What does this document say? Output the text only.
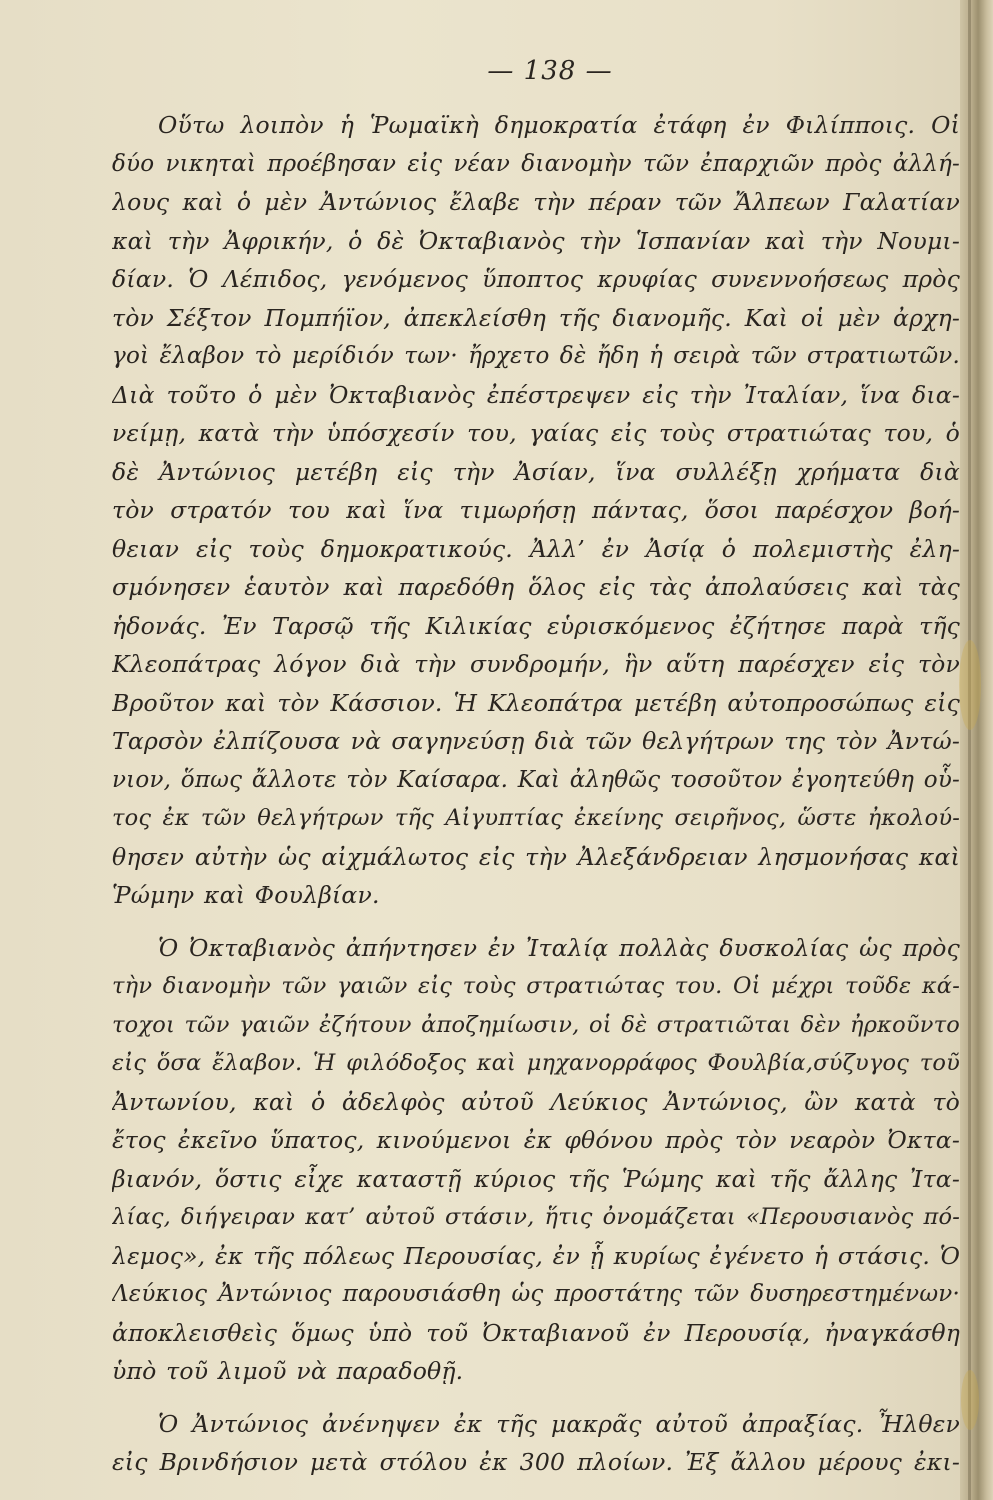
— 138 —
Οὕτω λοιπὸν ἡ Ῥωμαϊκὴ δημοκρατία ἐτάφη ἐν Φιλίπποις. Οἱ
δύο νικηταὶ προέβησαν εἰς νέαν διανομὴν τῶν ἐπαρχιῶν πρὸς ἀλλή-
λους καὶ ὁ μὲν Ἀντώνιος ἔλαβε τὴν πέραν τῶν Ἄλπεων Γαλατίαν
καὶ τὴν Ἀφρικήν, ὁ δὲ Ὀκταβιανὸς τὴν Ἱσπανίαν καὶ τὴν Νουμι-
δίαν. Ὁ Λέπιδος, γενόμενος ὕποπτος κρυφίας συνεννοήσεως πρὸς
τὸν Σέξτον Πομπήϊον, ἀπεκλείσθη τῆς διανομῆς. Καὶ οἱ μὲν ἀρχη-
γοὶ ἔλαβον τὸ μερίδιόν των· ἤρχετο δὲ ἤδη ἡ σειρὰ τῶν στρατιωτῶν.
Διὰ τοῦτο ὁ μὲν Ὀκταβιανὸς ἐπέστρεψεν εἰς τὴν Ἰταλίαν, ἵνα δια-
νείμῃ, κατὰ τὴν ὑπόσχεσίν του, γαίας εἰς τοὺς στρατιώτας του, ὁ
δὲ Ἀντώνιος μετέβη εἰς τὴν Ἀσίαν, ἵνα συλλέξῃ χρήματα διὰ
τὸν στρατόν του καὶ ἵνα τιμωρήσῃ πάντας, ὅσοι παρέσχον βοή-
θειαν εἰς τοὺς δημοκρατικούς. Ἀλλ’ ἐν Ἀσίᾳ ὁ πολεμιστὴς ἐλη-
σμόνησεν ἑαυτὸν καὶ παρεδόθη ὅλος εἰς τὰς ἀπολαύσεις καὶ τὰς
ἡδονάς. Ἐν Ταρσῷ τῆς Κιλικίας εὑρισκόμενος ἐζήτησε παρὰ τῆς
Κλεοπάτρας λόγον διὰ τὴν συνδρομήν, ἣν αὕτη παρέσχεν εἰς τὸν
Βροῦτον καὶ τὸν Κάσσιον. Ἡ Κλεοπάτρα μετέβη αὐτοπροσώπως εἰς
Ταρσὸν ἐλπίζουσα νὰ σαγηνεύσῃ διὰ τῶν θελγήτρων της τὸν Ἀντώ-
νιον, ὅπως ἄλλοτε τὸν Καίσαρα. Καὶ ἀληθῶς τοσοῦτον ἐγοητεύθη οὗ-
τος ἐκ τῶν θελγήτρων τῆς Αἰγυπτίας ἐκείνης σειρῆνος, ὥστε ἠκολού-
θησεν αὐτὴν ὡς αἰχμάλωτος εἰς τὴν Ἀλεξάνδρειαν λησμονήσας καὶ
Ῥώμην καὶ Φουλβίαν.
Ὁ Ὀκταβιανὸς ἀπήντησεν ἐν Ἰταλίᾳ πολλὰς δυσκολίας ὡς πρὸς
τὴν διανομὴν τῶν γαιῶν εἰς τοὺς στρατιώτας του. Οἱ μέχρι τοῦδε κά-
τοχοι τῶν γαιῶν ἐζήτουν ἀποζημίωσιν, οἱ δὲ στρατιῶται δὲν ἠρκοῦντο
εἰς ὅσα ἔλαβον. Ἡ φιλόδοξος καὶ μηχανορράφος Φουλβία,σύζυγος τοῦ
Ἀντωνίου, καὶ ὁ ἀδελφὸς αὐτοῦ Λεύκιος Ἀντώνιος, ὢν κατὰ τὸ
ἔτος ἐκεῖνο ὕπατος, κινούμενοι ἐκ φθόνου πρὸς τὸν νεαρὸν Ὀκτα-
βιανόν, ὅστις εἶχε καταστῇ κύριος τῆς Ῥώμης καὶ τῆς ἄλλης Ἰτα-
λίας, διήγειραν κατ’ αὐτοῦ στάσιν, ἥτις ὀνομάζεται «Περουσιανὸς πό-
λεμος», ἐκ τῆς πόλεως Περουσίας, ἐν ᾗ κυρίως ἐγένετο ἡ στάσις. Ὁ
Λεύκιος Ἀντώνιος παρουσιάσθη ὡς προστάτης τῶν δυσηρεστημένων·
ἀποκλεισθεὶς ὅμως ὑπὸ τοῦ Ὀκταβιανοῦ ἐν Περουσίᾳ, ἠναγκάσθη
ὑπὸ τοῦ λιμοῦ νὰ παραδοθῇ.
Ὁ Ἀντώνιος ἀνένηψεν ἐκ τῆς μακρᾶς αὐτοῦ ἀπραξίας. Ἦλθεν
εἰς Βρινδήσιον μετὰ στόλου ἐκ 300 πλοίων. Ἐξ ἄλλου μέρους ἐκι-
